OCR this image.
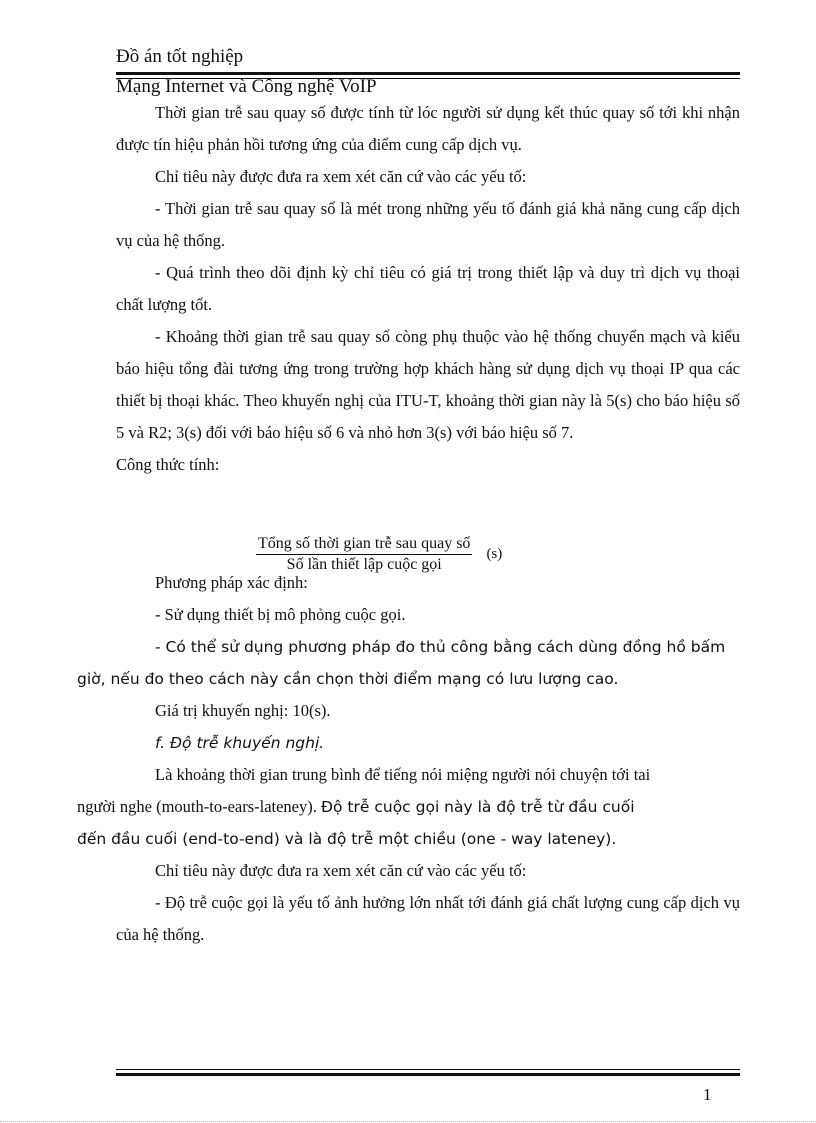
Đồ án tốt nghiệp
Mạng Internet và Công nghệ VoIP

Thời gian trễ sau quay số được tính từ lóc người sử dụng kết thúc quay số tới khi nhận được tín hiệu phản hồi tương ứng của điểm cung cấp dịch vụ.

Chỉ tiêu này được đưa ra xem xét căn cứ vào các yếu tố:

- Thời gian trễ sau quay số là mét trong những yếu tố đánh giá khả năng cung cấp dịch vụ của hệ thống.

- Quá trình theo dõi định kỳ chỉ tiêu có giá trị trong thiết lập và duy trì dịch vụ thoại chất lượng tốt.

- Khoảng thời gian trễ sau quay số còng phụ thuộc vào hệ thống chuyển mạch và kiểu báo hiệu tổng đài tương ứng trong trường hợp khách hàng sử dụng dịch vụ thoại IP qua các thiết bị thoại khác. Theo khuyến nghị của ITU-T, khoảng thời gian này là 5(s) cho báo hiệu số 5 và R2; 3(s) đối với báo hiệu số 6 và nhỏ hơn 3(s) với báo hiệu số 7.

Công thức tính:

Phương pháp xác định:

- Sử dụng thiết bị mô phỏng cuộc gọi.

- Có thể sử dụng phương pháp đo thủ công bằng cách dùng đồng hồ bấm
giờ, nếu đo theo cách này cần chọn thời điểm mạng có lưu lượng cao.

Giá trị khuyến nghị: 10(s).

f. Độ trễ khuyến nghị.

Là khoảng thời gian trung bình để tiếng nói miệng người nói chuyện tới tai
người nghe (mouth-to-ears-lateney). Độ trễ cuộc gọi này là độ trễ từ đầu cuối
đến đầu cuối (end-to-end) và là độ trễ một chiều (one - way lateney).

Chỉ tiêu này được đưa ra xem xét căn cứ vào các yếu tố:

- Độ trễ cuộc gọi là yếu tố ảnh hưởng lớn nhất tới đánh giá chất lượng cung cấp dịch vụ của hệ thống.

$\frac{\text{Tổng số thời gian trễ sau quay số}}{\text{Số lần thiết lập cuộc gọi}} (s)$
1
